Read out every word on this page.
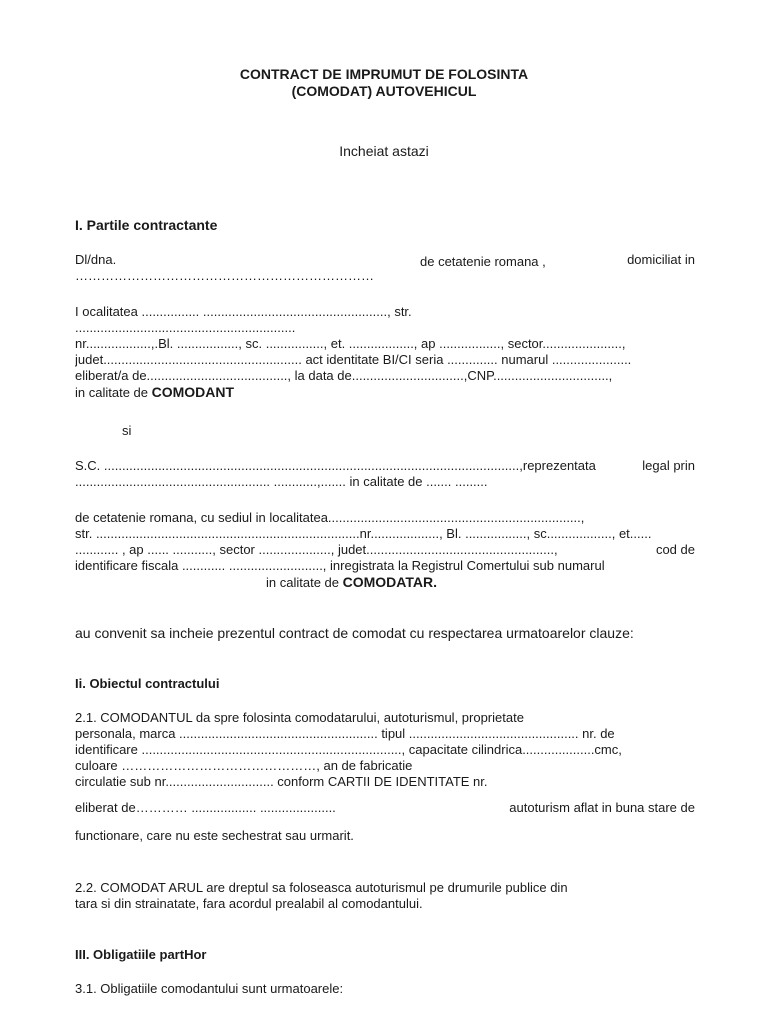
CONTRACT DE IMPRUMUT DE FOLOSINTA
(COMODAT) AUTOVEHICUL
Incheiat astazi
I. Partile contractante
Dl/dna.	de cetatenie romana ,	domiciliat in
……………………………………………………………
I ocalitatea ................ ..................................................., str.
.............................................................
nr..................,.Bl. ................., sc. ................, et. .................., ap ................., sector......................,
judet....................................................... act identitate BI/CI seria .............. numarul ......................
eliberat/a de......................................., la data de...............................,CNP................................,
in calitate de COMODANT
si
S.C. ...................................................................................................................,reprezentata	legal prin
...................................................... ............,....... in calitate de ....... .........
de cetatenie romana, cu sediul in localitatea......................................................................,
str. .........................................................................nr..................., Bl. ................., sc.................., et......
............ , ap ...... ..........., sector ...................., judet....................................................,	cod de
identificare fiscala ............ .........................., inregistrata la Registrul Comertului sub numarul
in calitate de COMODATAR.
au convenit sa incheie prezentul contract de comodat cu respectarea urmatoarelor clauze:
Ii. Obiectul contractului
2.1. COMODANTUL da spre folosinta comodatarului, autoturismul, proprietate
personala, marca ....................................................... tipul ............................................... nr. de
identificare ........................................................................, capacitate cilindrica....................cmc,
culoare ………………………………………, an de fabricatie
circulatie sub nr.............................. conform CARTII DE IDENTITATE nr.
eliberat de………… .................. .....................	autoturism aflat in buna stare de
functionare, care nu este sechestrat sau urmarit.
2.2. COMODAT ARUL are dreptul sa foloseasca autoturismul pe drumurile publice din
tara si din strainatate, fara acordul prealabil al comodantului.
III. Obligatiile partHor
3.1. Obligatiile comodantului sunt urmatoarele:
